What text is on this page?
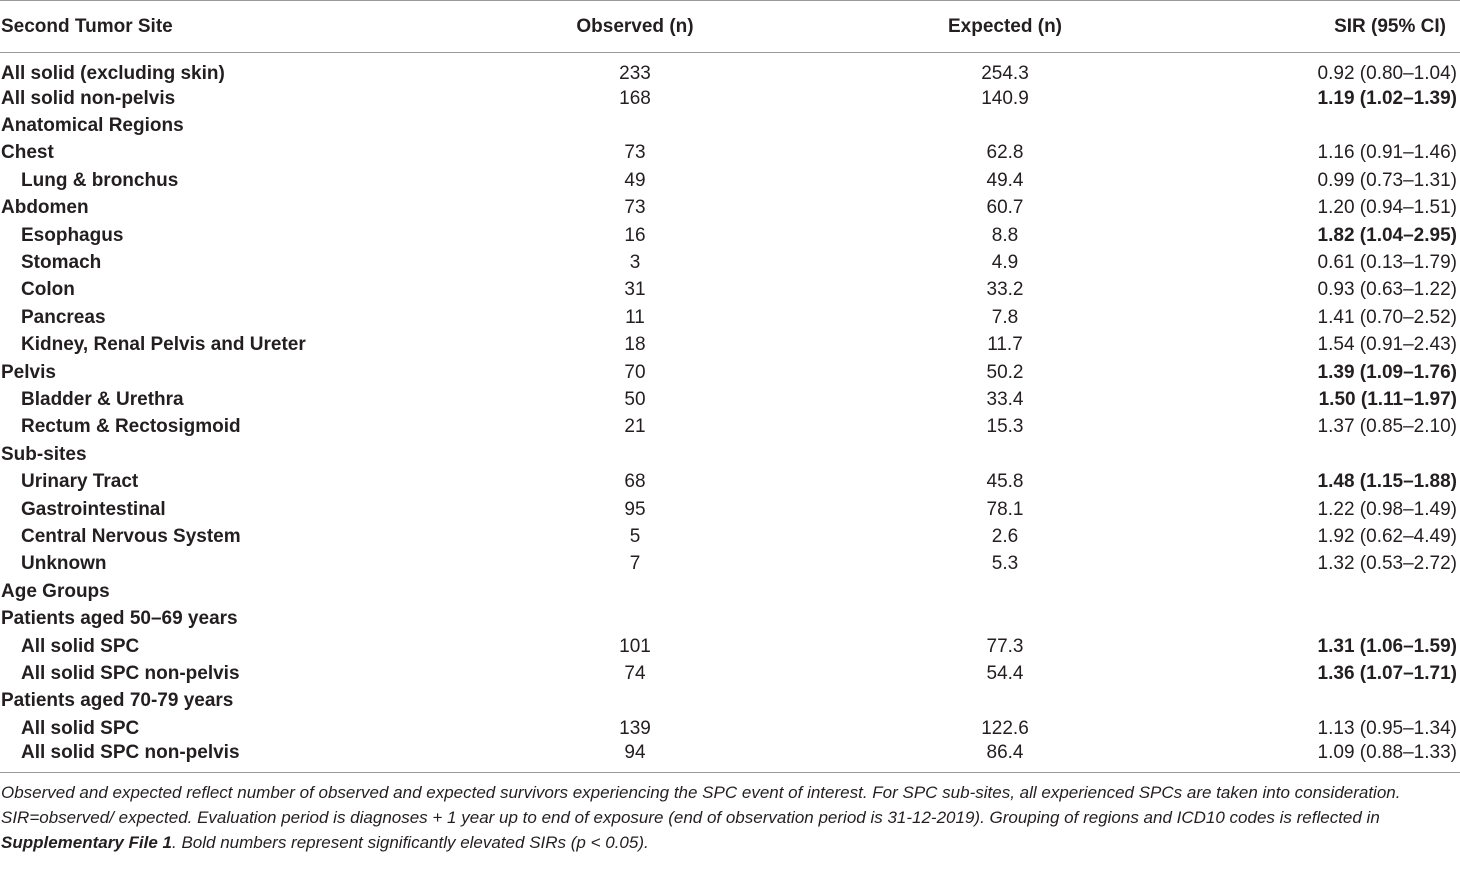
Second Tumor Site	Observed (n)	Expected (n)	SIR (95% CI)
All solid (excluding skin)	233	254.3	0.92 (0.80–1.04)
All solid non-pelvis	168	140.9	1.19 (1.02–1.39)
Anatomical Regions			
Chest	73	62.8	1.16 (0.91–1.46)
Lung & bronchus	49	49.4	0.99 (0.73–1.31)
Abdomen	73	60.7	1.20 (0.94–1.51)
Esophagus	16	8.8	1.82 (1.04–2.95)
Stomach	3	4.9	0.61 (0.13–1.79)
Colon	31	33.2	0.93 (0.63–1.22)
Pancreas	11	7.8	1.41 (0.70–2.52)
Kidney, Renal Pelvis and Ureter	18	11.7	1.54 (0.91–2.43)
Pelvis	70	50.2	1.39 (1.09–1.76)
Bladder & Urethra	50	33.4	1.50 (1.11–1.97)
Rectum & Rectosigmoid	21	15.3	1.37 (0.85–2.10)
Sub-sites			
Urinary Tract	68	45.8	1.48 (1.15–1.88)
Gastrointestinal	95	78.1	1.22 (0.98–1.49)
Central Nervous System	5	2.6	1.92 (0.62–4.49)
Unknown	7	5.3	1.32 (0.53–2.72)
Age Groups			
Patients aged 50–69 years			
All solid SPC	101	77.3	1.31 (1.06–1.59)
All solid SPC non-pelvis	74	54.4	1.36 (1.07–1.71)
Patients aged 70-79 years			
All solid SPC	139	122.6	1.13 (0.95–1.34)
All solid SPC non-pelvis	94	86.4	1.09 (0.88–1.33)
Observed and expected reflect number of observed and expected survivors experiencing the SPC event of interest. For SPC sub-sites, all experienced SPCs are taken into consideration. SIR=observed/ expected. Evaluation period is diagnoses + 1 year up to end of exposure (end of observation period is 31-12-2019). Grouping of regions and ICD10 codes is reflected in Supplementary File 1. Bold numbers represent significantly elevated SIRs (p < 0.05).
